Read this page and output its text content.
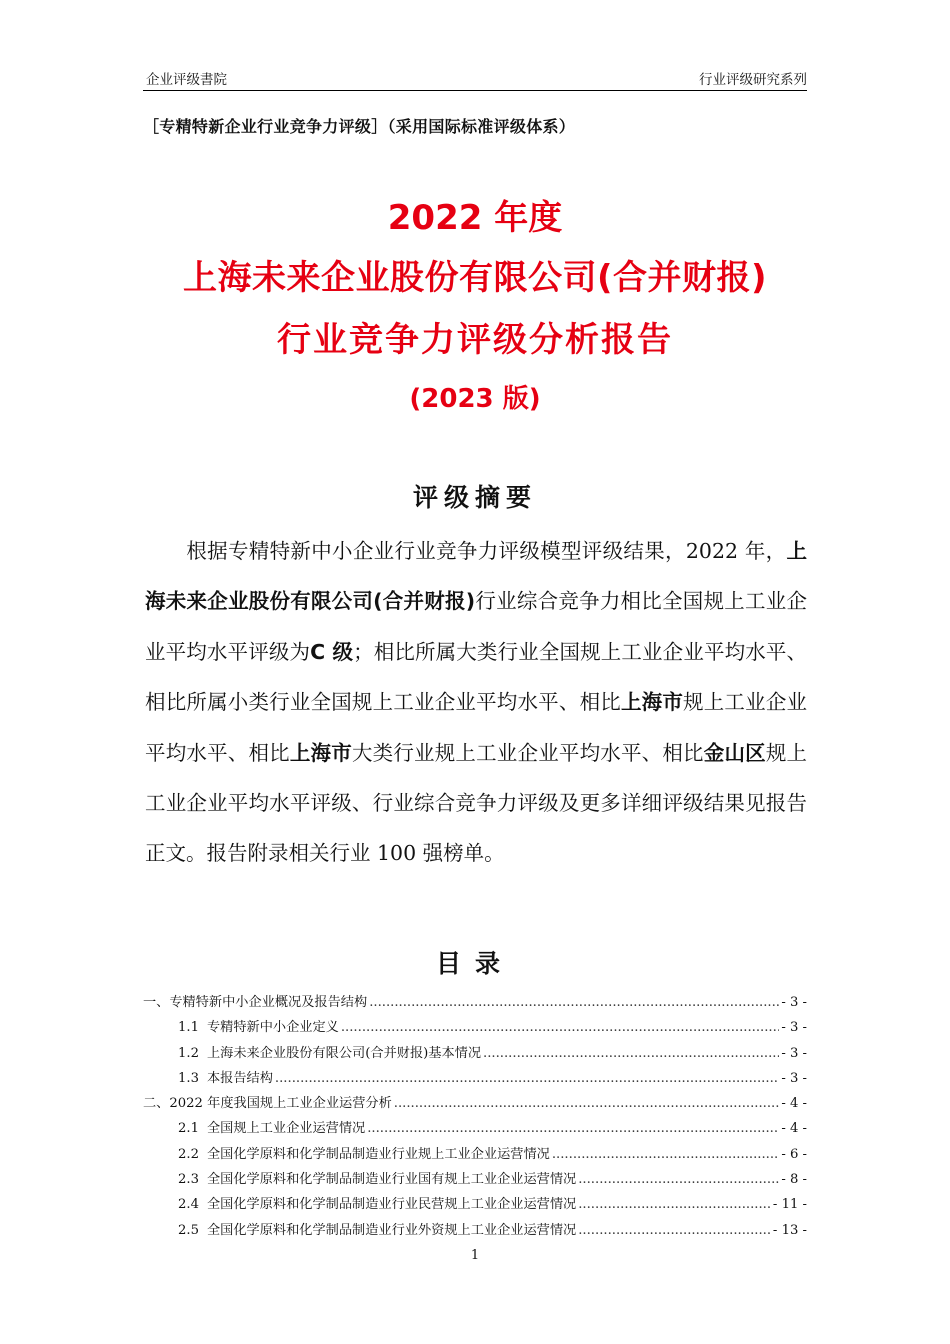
企业评级書院	行业评级研究系列
［专精特新企业行业竞争力评级］（采用国际标准评级体系）
2022 年度
上海未来企业股份有限公司(合并财报)
行业竞争力评级分析报告
(2023 版)
评级摘要
根据专精特新中小企业行业竞争力评级模型评级结果，2022 年，上海未来企业股份有限公司(合并财报)行业综合竞争力相比全国规上工业企业平均水平评级为C 级；相比所属大类行业全国规上工业企业平均水平、相比所属小类行业全国规上工业企业平均水平、相比上海市规上工业企业平均水平、相比上海市大类行业规上工业企业平均水平、相比金山区规上工业企业平均水平评级、行业综合竞争力评级及更多详细评级结果见报告正文。报告附录相关行业 100 强榜单。
目录
一、专精特新中小企业概况及报告结构 .....	- 3 -
1.1 专精特新中小企业定义 .....	- 3 -
1.2 上海未来企业股份有限公司(合并财报)基本情况 .....	- 3 -
1.3 本报告结构 .....	- 3 -
二、2022 年度我国规上工业企业运营分析 .....	- 4 -
2.1 全国规上工业企业运营情况 .....	- 4 -
2.2 全国化学原料和化学制品制造业行业规上工业企业运营情况 .....	- 6 -
2.3 全国化学原料和化学制品制造业行业国有规上工业企业运营情况 .....	- 8 -
2.4 全国化学原料和化学制品制造业行业民营规上工业企业运营情况 .....	- 11 -
2.5 全国化学原料和化学制品制造业行业外资规上工业企业运营情况 .....	- 13 -
1
